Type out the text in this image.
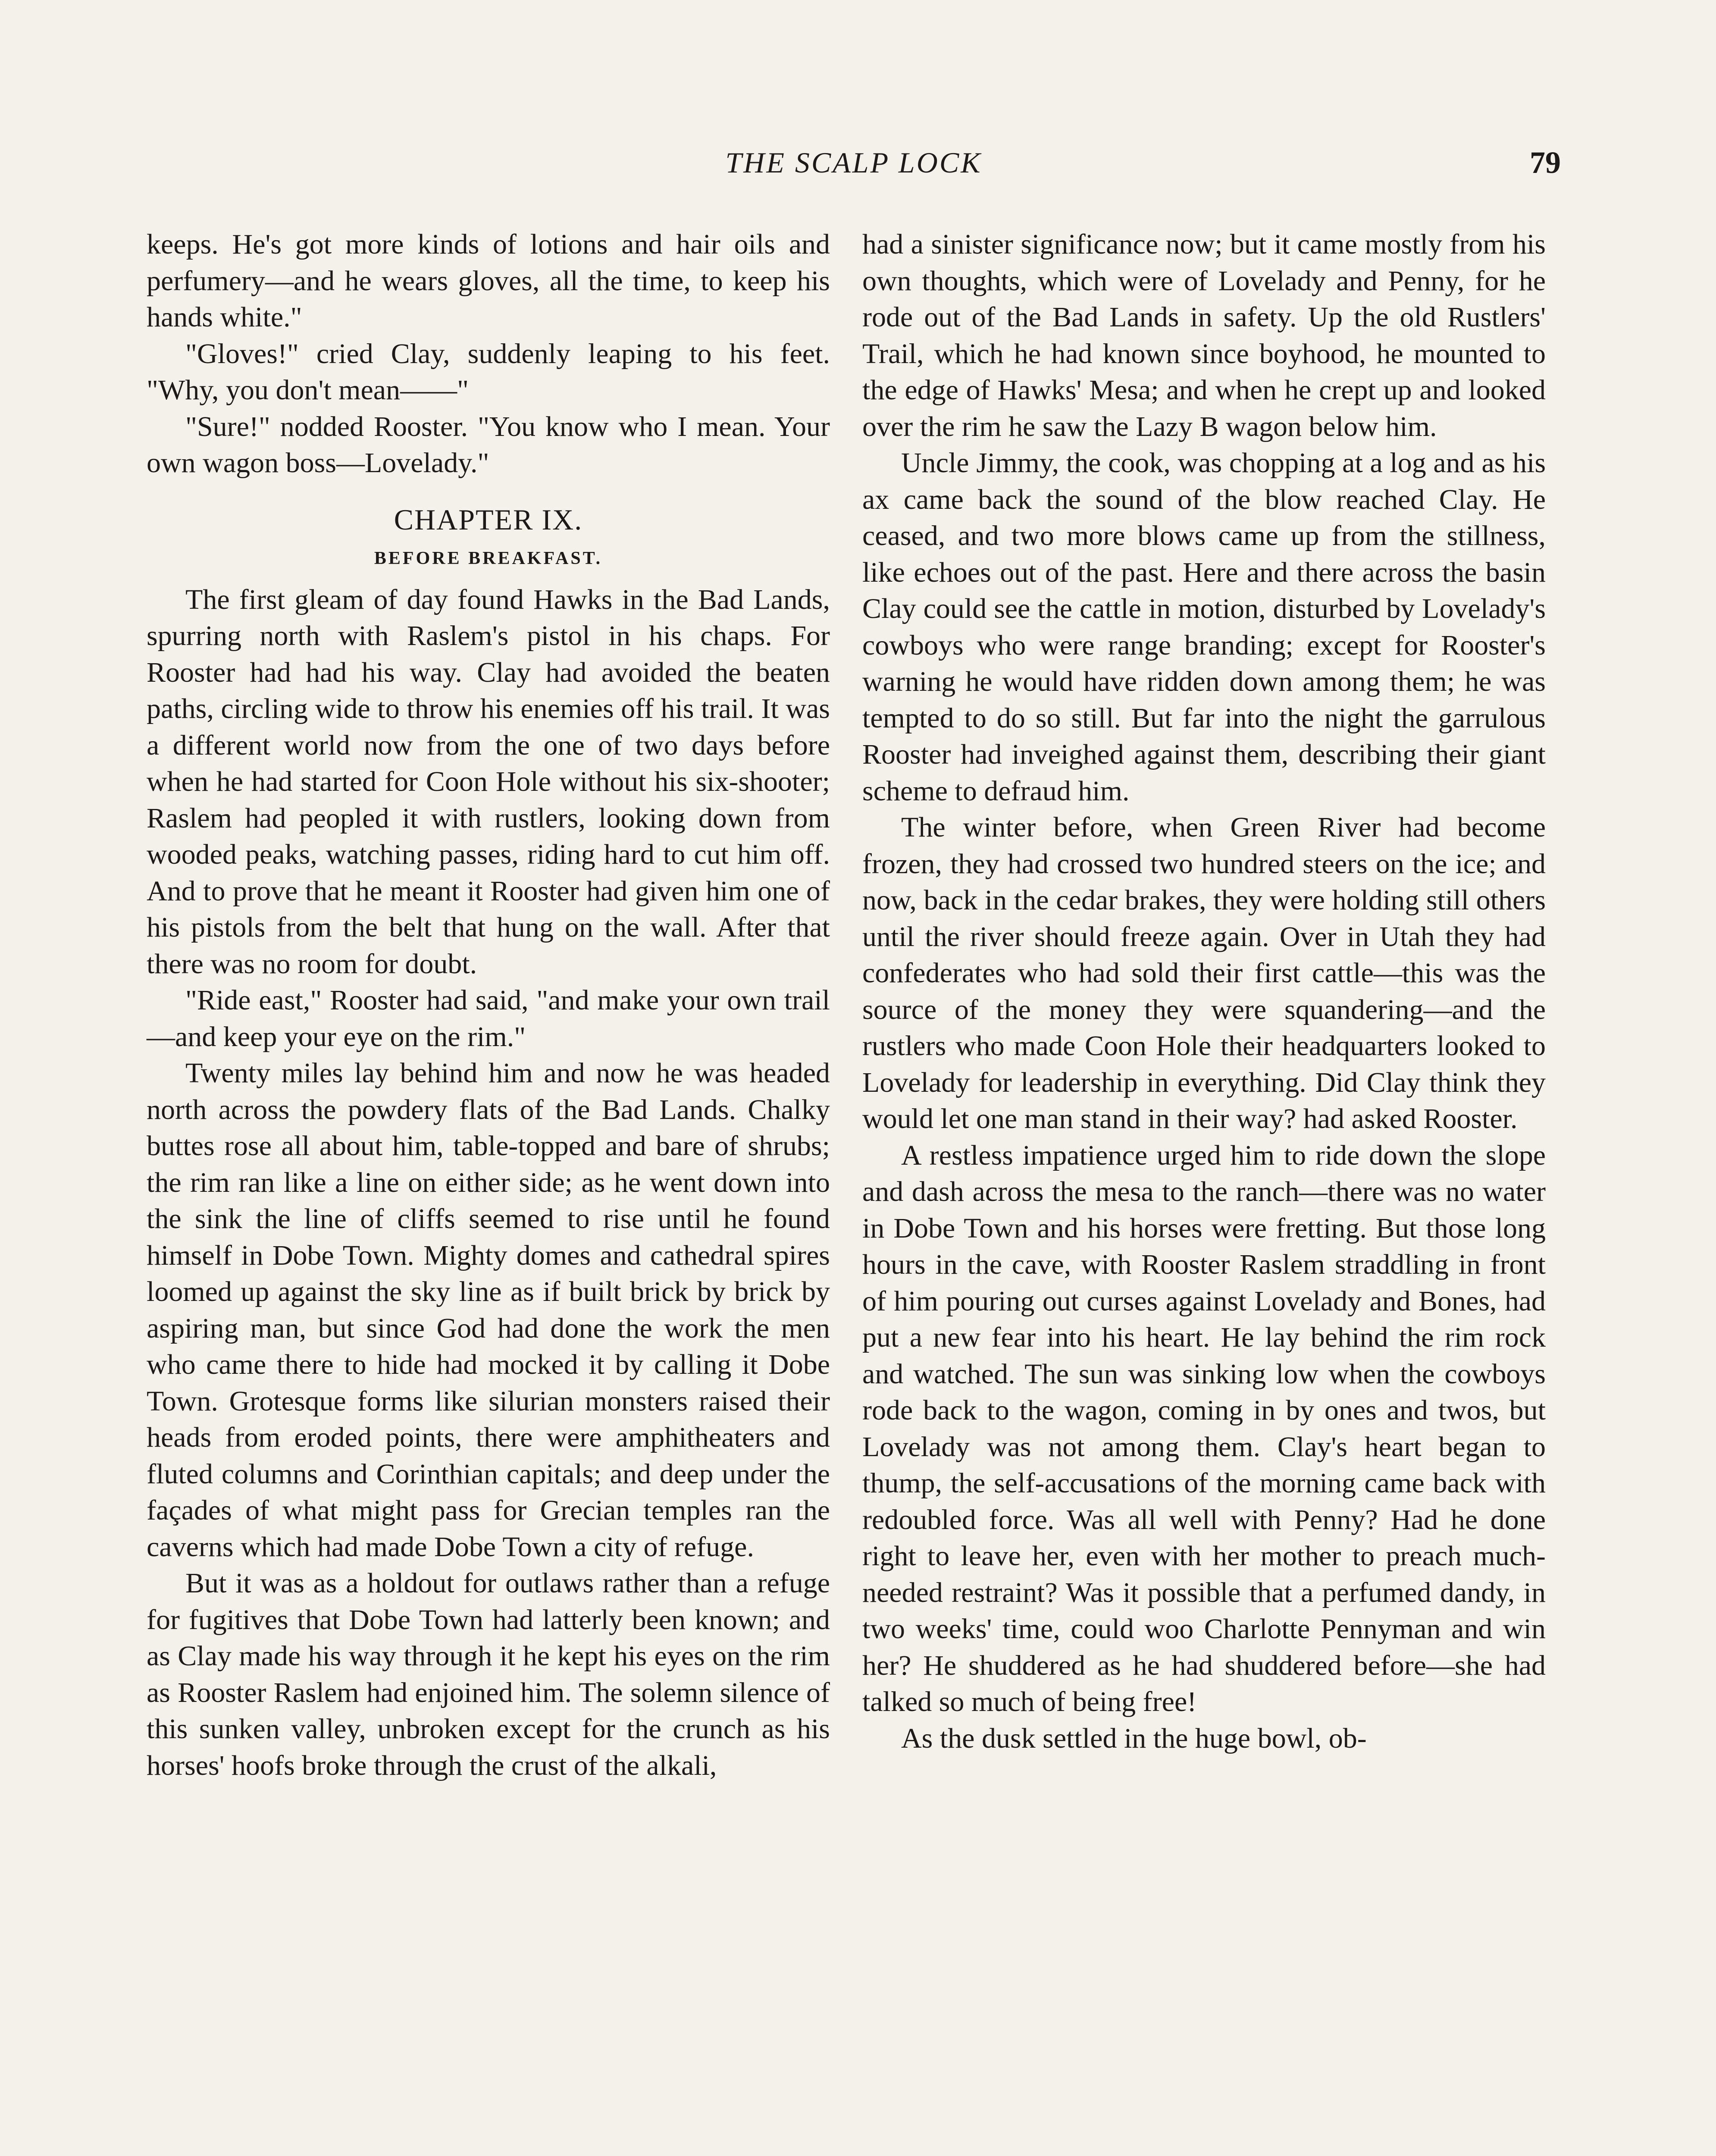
THE SCALP LOCK	79

keeps. He's got more kinds of lotions and hair oils and perfumery—and he wears gloves, all the time, to keep his hands white."

"Gloves!" cried Clay, suddenly leaping to his feet. "Why, you don't mean——"

"Sure!" nodded Rooster. "You know who I mean. Your own wagon boss—Lovelady."

CHAPTER IX.
BEFORE BREAKFAST.

The first gleam of day found Hawks in the Bad Lands, spurring north with Raslem's pistol in his chaps. For Rooster had had his way. Clay had avoided the beaten paths, circling wide to throw his enemies off his trail. It was a different world now from the one of two days before when he had started for Coon Hole without his six-shooter; Raslem had peopled it with rustlers, looking down from wooded peaks, watching passes, riding hard to cut him off. And to prove that he meant it Rooster had given him one of his pistols from the belt that hung on the wall. After that there was no room for doubt.

"Ride east," Rooster had said, "and make your own trail—and keep your eye on the rim."

Twenty miles lay behind him and now he was headed north across the powdery flats of the Bad Lands. Chalky buttes rose all about him, table-topped and bare of shrubs; the rim ran like a line on either side; as he went down into the sink the line of cliffs seemed to rise until he found himself in Dobe Town. Mighty domes and cathedral spires loomed up against the sky line as if built brick by brick by aspiring man, but since God had done the work the men who came there to hide had mocked it by calling it Dobe Town. Grotesque forms like silurian monsters raised their heads from eroded points, there were amphitheaters and fluted columns and Corinthian capitals; and deep under the façades of what might pass for Grecian temples ran the caverns which had made Dobe Town a city of refuge.

But it was as a holdout for outlaws rather than a refuge for fugitives that Dobe Town had latterly been known; and as Clay made his way through it he kept his eyes on the rim as Rooster Raslem had enjoined him. The solemn silence of this sunken valley, unbroken except for the crunch as his horses' hoofs broke through the crust of the alkali,

had a sinister significance now; but it came mostly from his own thoughts, which were of Lovelady and Penny, for he rode out of the Bad Lands in safety. Up the old Rustlers' Trail, which he had known since boyhood, he mounted to the edge of Hawks' Mesa; and when he crept up and looked over the rim he saw the Lazy B wagon below him.

Uncle Jimmy, the cook, was chopping at a log and as his ax came back the sound of the blow reached Clay. He ceased, and two more blows came up from the stillness, like echoes out of the past. Here and there across the basin Clay could see the cattle in motion, disturbed by Lovelady's cowboys who were range branding; except for Rooster's warning he would have ridden down among them; he was tempted to do so still. But far into the night the garrulous Rooster had inveighed against them, describing their giant scheme to defraud him.

The winter before, when Green River had become frozen, they had crossed two hundred steers on the ice; and now, back in the cedar brakes, they were holding still others until the river should freeze again. Over in Utah they had confederates who had sold their first cattle—this was the source of the money they were squandering—and the rustlers who made Coon Hole their headquarters looked to Lovelady for leadership in everything. Did Clay think they would let one man stand in their way? had asked Rooster.

A restless impatience urged him to ride down the slope and dash across the mesa to the ranch—there was no water in Dobe Town and his horses were fretting. But those long hours in the cave, with Rooster Raslem straddling in front of him pouring out curses against Lovelady and Bones, had put a new fear into his heart. He lay behind the rim rock and watched. The sun was sinking low when the cowboys rode back to the wagon, coming in by ones and twos, but Lovelady was not among them. Clay's heart began to thump, the self-accusations of the morning came back with redoubled force. Was all well with Penny? Had he done right to leave her, even with her mother to preach much-needed restraint? Was it possible that a perfumed dandy, in two weeks' time, could woo Charlotte Pennyman and win her? He shuddered as he had shuddered before—she had talked so much of being free!

As the dusk settled in the huge bowl, ob-
